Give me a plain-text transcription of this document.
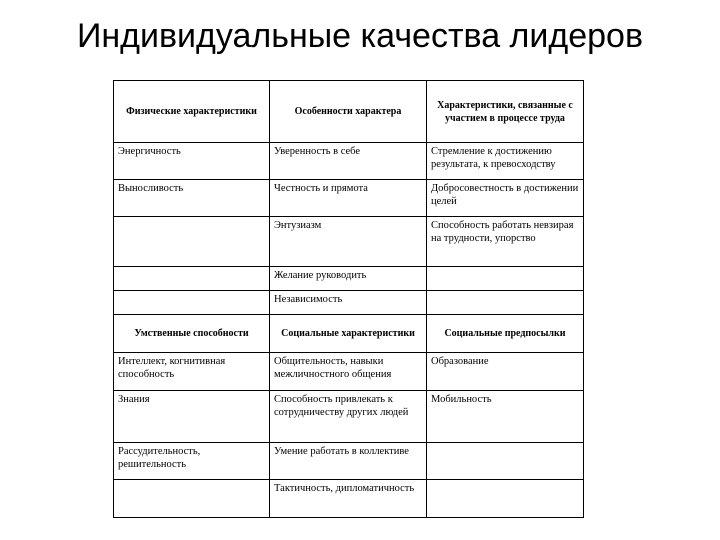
Индивидуальные качества лидеров
Физические характеристики	Особенности характера	Характеристики, связанные с участием в процессе труда
Энергичность	Уверенность в себе	Стремление к достижению результата, к превосходству
Выносливость	Честность и прямота	Добросовестность в достижении целей
	Энтузиазм	Способность работать невзирая на трудности, упорство
	Желание руководить	
	Независимость	
Умственные способности	Социальные характеристики	Социальные предпосылки
Интеллект, когнитивная способность	Общительность, навыки межличностного общения	Образование
Знания	Способность привлекать к сотрудничеству других людей	Мобильность
Рассудительность, решительность	Умение работать в коллективе	
	Тактичность, дипломатичность	
